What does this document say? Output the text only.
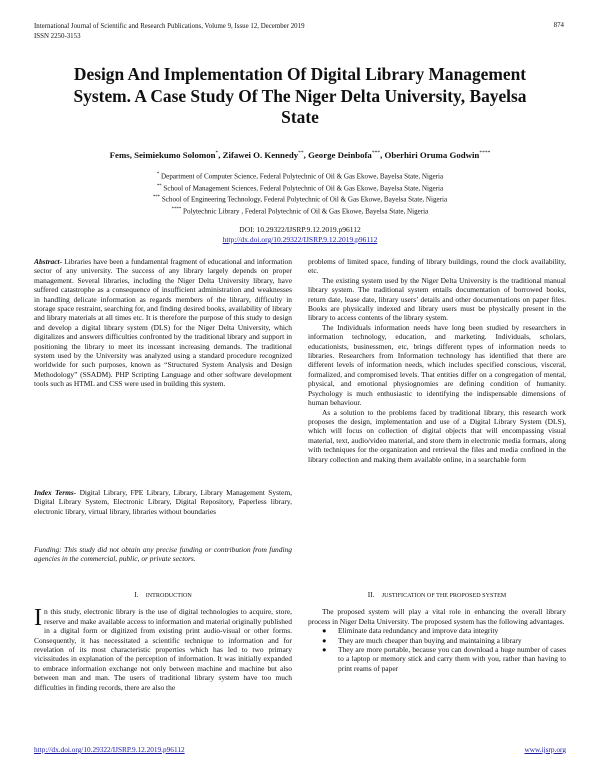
International Journal of Scientific and Research Publications, Volume 9, Issue 12, December 2019
ISSN 2250-3153
874
Design And Implementation Of Digital Library Management System. A Case Study Of The Niger Delta University, Bayelsa State
Fems, Seimiekumo Solomon*, Zifawei O. Kennedy**, George Deinbofa***, Oberhiri Oruma Godwin****
* Department of Computer Science, Federal Polytechnic of Oil & Gas Ekowe, Bayelsa State, Nigeria
** School of Management Sciences, Federal Polytechnic of Oil & Gas Ekowe, Bayelsa State, Nigeria
*** School of Engineering Technology, Federal Polytechnic of Oil & Gas Ekowe, Bayelsa State, Nigeria
**** Polytechnic Library , Federal Polytechnic of Oil & Gas Ekowe, Bayelsa State, Nigeria
DOI: 10.29322/IJSRP.9.12.2019.p96112
http://dx.doi.org/10.29322/IJSRP.9.12.2019.p96112

Abstract- Libraries have been a fundamental fragment of educational and information sector of any university. The success of any library largely depends on proper management. Several libraries, including the Niger Delta University library, have suffered catastrophe as a consequence of insufficient administration and weaknesses in handling delicate information as regards members of the library, difficulty in storage space restraint, searching for, and finding desired books, availability of library and library materials at all times etc. It is therefore the purpose of this study to design and develop a digital library system (DLS) for the Niger Delta University, which digitalizes and answers difficulties confronted by the traditional library and support in positioning the library to meet its incessant increasing demands. The traditional system used by the University was analyzed using a standard procedure recognized worldwide for such purposes, known as “Structured System Analysis and Design Methodology” (SSADM). PHP Scripting Language and other software development tools such as HTML and CSS were used in building this system.

Index Terms- Digital Library, FPE Library, Library, Library Management System, Digital Library System, Electronic Library, Digital Repository, Paperless library, electronic library, virtual library, libraries without boundaries

Funding: This study did not obtain any precise funding or contribution from funding agencies in the commercial, public, or private sectors.

I. INTRODUCTION

In this study, electronic library is the use of digital technologies to acquire, store, reserve and make available access to information and material originally published in a digital form or digitized from existing print audio-visual or other forms. Consequently, it has necessitated a scientific technique to information and for revelation of its most characteristic properties which has led to two primary vicissitudes in explanation of the perception of information. It was initially expanded to embrace information exchange not only between machine and machine but also between man and man. The users of traditional library system have too much difficulties in finding records, there are also the

problems of limited space, funding of library buildings, round the clock availability, etc.

The existing system used by the Niger Delta University is the traditional manual library system. The traditional system entails documentation of borrowed books, return date, lease date, library users’ details and other documentations on paper files. Books are physically indexed and library users must be physically present in the library to access contents of the library system.

The Individuals information needs have long been studied by researchers in information technology, education, and marketing. Individuals, scholars, educationists, businessmen, etc, brings different types of information needs to libraries. Researchers from Information technology has identified that there are different levels of information needs, which includes specified conscious, visceral, formalized, and compromised levels. That entities differ on a congregation of mental, physical, and emotional physiognomies are defining condition of humanity. Psychology is much enthusiastic to identifying the indispensable dimensions of human behaviour.

As a solution to the problems faced by traditional library, this research work proposes the design, implementation and use of a Digital Library System (DLS), which will focus on collection of digital objects that will encompassing visual material, text, audio/video material, and store them in electronic media formats, along with techniques for the organization and retrieval the files and media confined in the library collection and making them available online, in a searchable form

II. JUSTIFICATION OF THE PROPOSED SYSTEM

The proposed system will play a vital role in enhancing the overall library process in Niger Delta University. The proposed system has the following advantages.

● Eliminate data redundancy and improve data integrity
● They are much cheaper than buying and maintaining a library
● They are more portable, because you can download a huge number of cases to a laptop or memory stick and carry them with you, rather than having to print reams of paper
http://dx.doi.org/10.29322/IJSRP.9.12.2019.p96112	www.ijsrp.org
